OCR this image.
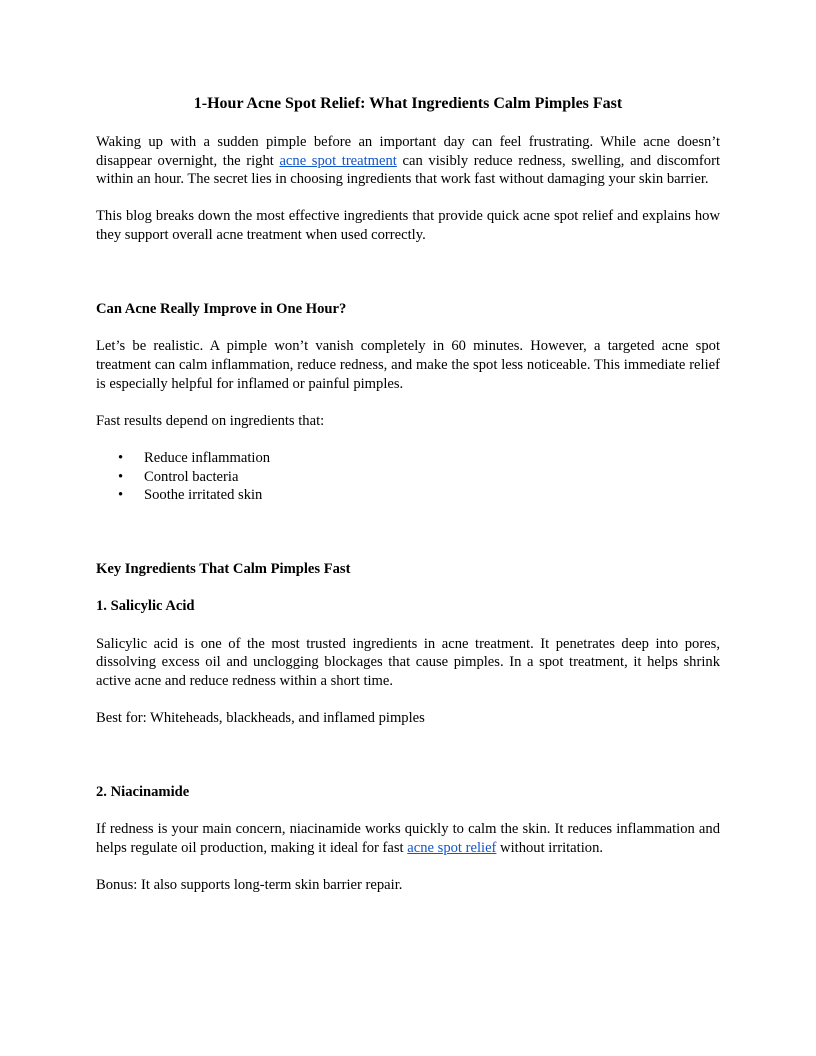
1-Hour Acne Spot Relief: What Ingredients Calm Pimples Fast

Waking up with a sudden pimple before an important day can feel frustrating. While acne doesn’t disappear overnight, the right acne spot treatment can visibly reduce redness, swelling, and discomfort within an hour. The secret lies in choosing ingredients that work fast without damaging your skin barrier.

This blog breaks down the most effective ingredients that provide quick acne spot relief and explains how they support overall acne treatment when used correctly.

Can Acne Really Improve in One Hour?

Let’s be realistic. A pimple won’t vanish completely in 60 minutes. However, a targeted acne spot treatment can calm inflammation, reduce redness, and make the spot less noticeable. This immediate relief is especially helpful for inflamed or painful pimples.

Fast results depend on ingredients that:

• Reduce inflammation
• Control bacteria
• Soothe irritated skin
Key Ingredients That Calm Pimples Fast
1. Salicylic Acid

Salicylic acid is one of the most trusted ingredients in acne treatment. It penetrates deep into pores, dissolving excess oil and unclogging blockages that cause pimples. In a spot treatment, it helps shrink active acne and reduce redness within a short time.

Best for: Whiteheads, blackheads, and inflamed pimples

2. Niacinamide

If redness is your main concern, niacinamide works quickly to calm the skin. It reduces inflammation and helps regulate oil production, making it ideal for fast acne spot relief without irritation.

Bonus: It also supports long-term skin barrier repair.
